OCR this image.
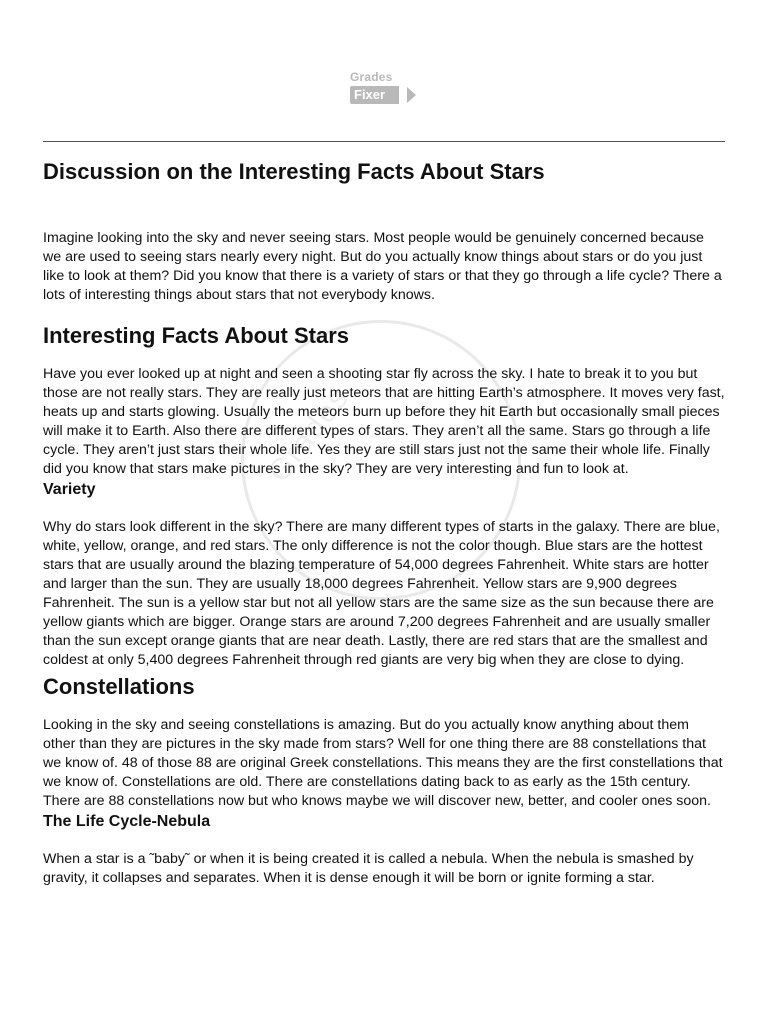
Grades
Fixer
Grades
Discussion on the Interesting Facts About Stars

Imagine looking into the sky and never seeing stars. Most people would be genuinely concerned because we are used to seeing stars nearly every night. But do you actually know things about stars or do you just like to look at them? Did you know that there is a variety of stars or that they go through a life cycle? There a lots of interesting things about stars that not everybody knows.

Interesting Facts About Stars

Have you ever looked up at night and seen a shooting star fly across the sky. I hate to break it to you but those are not really stars. They are really just meteors that are hitting Earth’s atmosphere. It moves very fast, heats up and starts glowing. Usually the meteors burn up before they hit Earth but occasionally small pieces will make it to Earth. Also there are different types of stars. They aren’t all the same. Stars go through a life cycle. They aren’t just stars their whole life. Yes they are still stars just not the same their whole life. Finally did you know that stars make pictures in the sky? They are very interesting and fun to look at.

Variety

Why do stars look different in the sky? There are many different types of starts in the galaxy. There are blue, white, yellow, orange, and red stars. The only difference is not the color though. Blue stars are the hottest stars that are usually around the blazing temperature of 54,000 degrees Fahrenheit. White stars are hotter and larger than the sun. They are usually 18,000 degrees Fahrenheit. Yellow stars are 9,900 degrees Fahrenheit. The sun is a yellow star but not all yellow stars are the same size as the sun because there are yellow giants which are bigger. Orange stars are around 7,200 degrees Fahrenheit and are usually smaller than the sun except orange giants that are near death. Lastly, there are red stars that are the smallest and coldest at only 5,400 degrees Fahrenheit through red giants are very big when they are close to dying.

Constellations

Looking in the sky and seeing constellations is amazing. But do you actually know anything about them other than they are pictures in the sky made from stars? Well for one thing there are 88 constellations that we know of. 48 of those 88 are original Greek constellations. This means they are the first constellations that we know of. Constellations are old. There are constellations dating back to as early as the 15th century. There are 88 constellations now but who knows maybe we will discover new, better, and cooler ones soon.

The Life Cycle-Nebula

When a star is a ˜baby˜ or when it is being created it is called a nebula. When the nebula is smashed by gravity, it collapses and separates. When it is dense enough it will be born or ignite forming a star.
